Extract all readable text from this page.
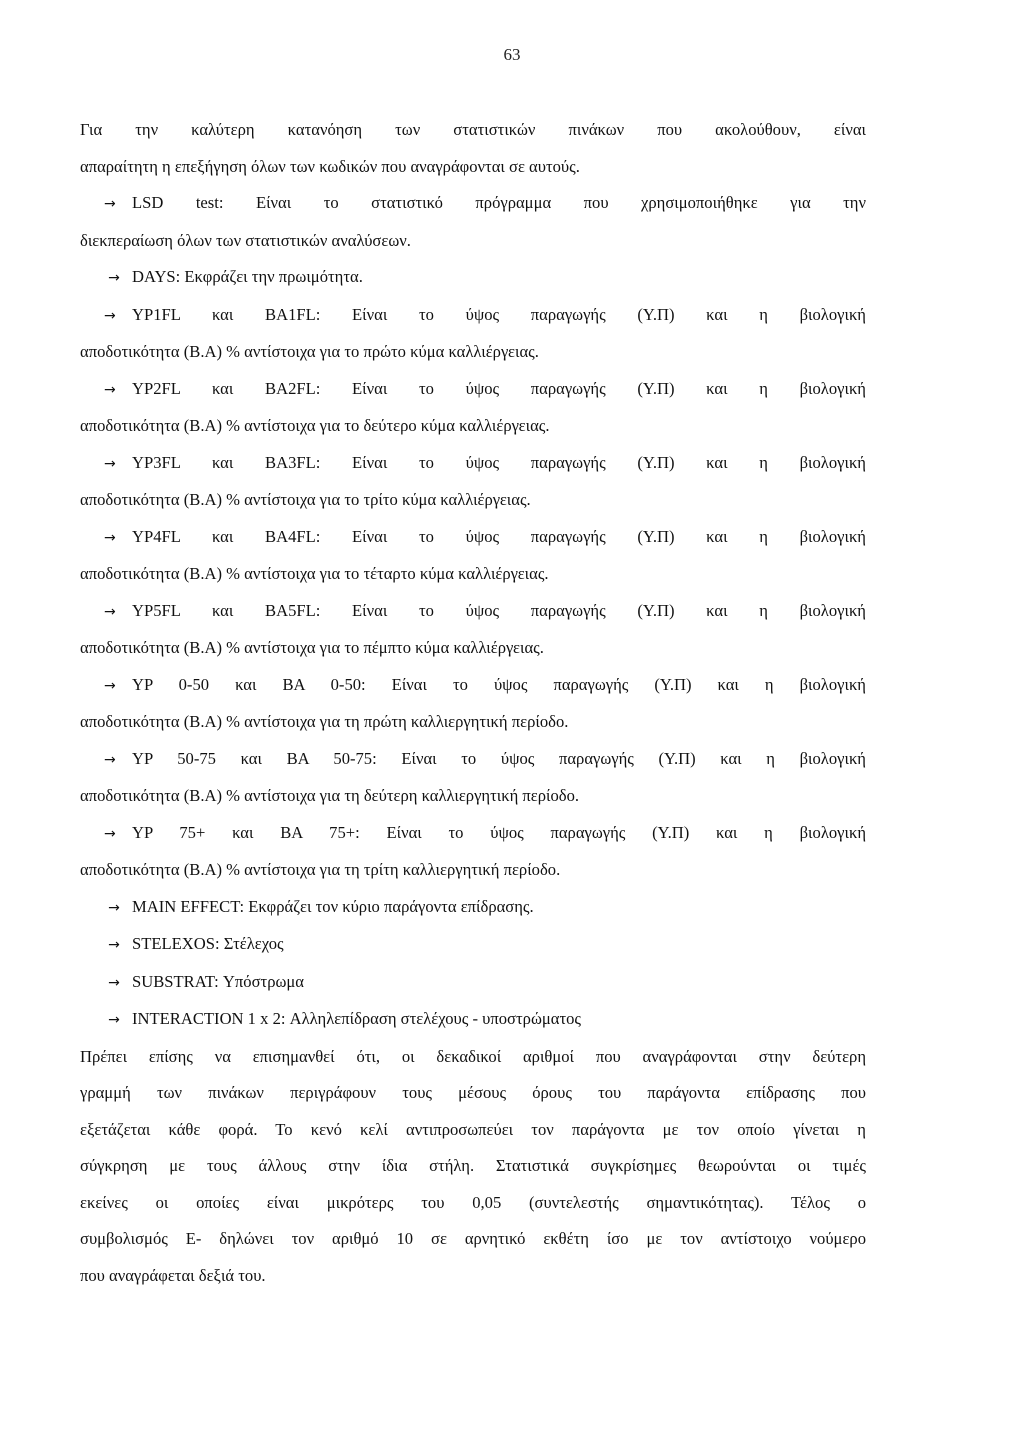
63

Για την καλύτερη κατανόηση των στατιστικών πινάκων που ακολούθουν, είναι
απαραίτητη η επεξήγηση όλων των κωδικών που αναγράφονται σε αυτούς.

→ LSD test: Είναι το στατιστικό πρόγραμμα που χρησιμοποιήθηκε για την
διεκπεραίωση όλων των στατιστικών αναλύσεων.
→ DAYS: Εκφράζει την πρωιμότητα.
→ YP1FL και BA1FL: Είναι το ύψος παραγωγής (Υ.Π) και η βιολογική
αποδοτικότητα (Β.Α) % αντίστοιχα για το πρώτο κύμα καλλιέργειας.
→ YP2FL και BA2FL: Είναι το ύψος παραγωγής (Υ.Π) και η βιολογική
αποδοτικότητα (Β.Α) % αντίστοιχα για το δεύτερο κύμα καλλιέργειας.
→ YP3FL και BA3FL: Είναι το ύψος παραγωγής (Υ.Π) και η βιολογική
αποδοτικότητα (Β.Α) % αντίστοιχα για το τρίτο κύμα καλλιέργειας.
→ YP4FL και BA4FL: Είναι το ύψος παραγωγής (Υ.Π) και η βιολογική
αποδοτικότητα (Β.Α) % αντίστοιχα για το τέταρτο κύμα καλλιέργειας.
→ YP5FL και BA5FL: Είναι το ύψος παραγωγής (Υ.Π) και η βιολογική
αποδοτικότητα (Β.Α) % αντίστοιχα για το πέμπτο κύμα καλλιέργειας.
→ YP 0-50 και BA 0-50: Είναι το ύψος παραγωγής (Υ.Π) και η βιολογική
αποδοτικότητα (Β.Α) % αντίστοιχα για τη πρώτη καλλιεργητική περίοδο.
→ YP 50-75 και BA 50-75: Είναι το ύψος παραγωγής (Υ.Π) και η βιολογική
αποδοτικότητα (Β.Α) % αντίστοιχα για τη δεύτερη καλλιεργητική περίοδο.
→ YP 75+ και BA 75+: Είναι το ύψος παραγωγής (Υ.Π) και η βιολογική
αποδοτικότητα (Β.Α) % αντίστοιχα για τη τρίτη καλλιεργητική περίοδο.
→ MAIN EFFECT: Εκφράζει τον κύριο παράγοντα επίδρασης.
→ STELEXOS: Στέλεχος
→ SUBSTRAT: Υπόστρωμα
→ INTERACTION 1 x 2: Αλληλεπίδραση στελέχους - υποστρώματος
Πρέπει επίσης να επισημανθεί ότι, οι δεκαδικοί αριθμοί που αναγράφονται στην δεύτερη
γραμμή των πινάκων περιγράφουν τους μέσους όρους του παράγοντα επίδρασης που
εξετάζεται κάθε φορά. Το κενό κελί αντιπροσωπεύει τον παράγοντα με τον οποίο γίνεται η
σύγκρηση με τους άλλους στην ίδια στήλη. Στατιστικά συγκρίσημες θεωρούνται οι τιμές
εκείνες οι οποίες είναι μικρότερς του 0,05 (συντελεστής σημαντικότητας). Τέλος ο
συμβολισμός Ε- δηλώνει τον αριθμό 10 σε αρνητικό εκθέτη ίσο με τον αντίστοιχο νούμερο
που αναγράφεται δεξιά του.
